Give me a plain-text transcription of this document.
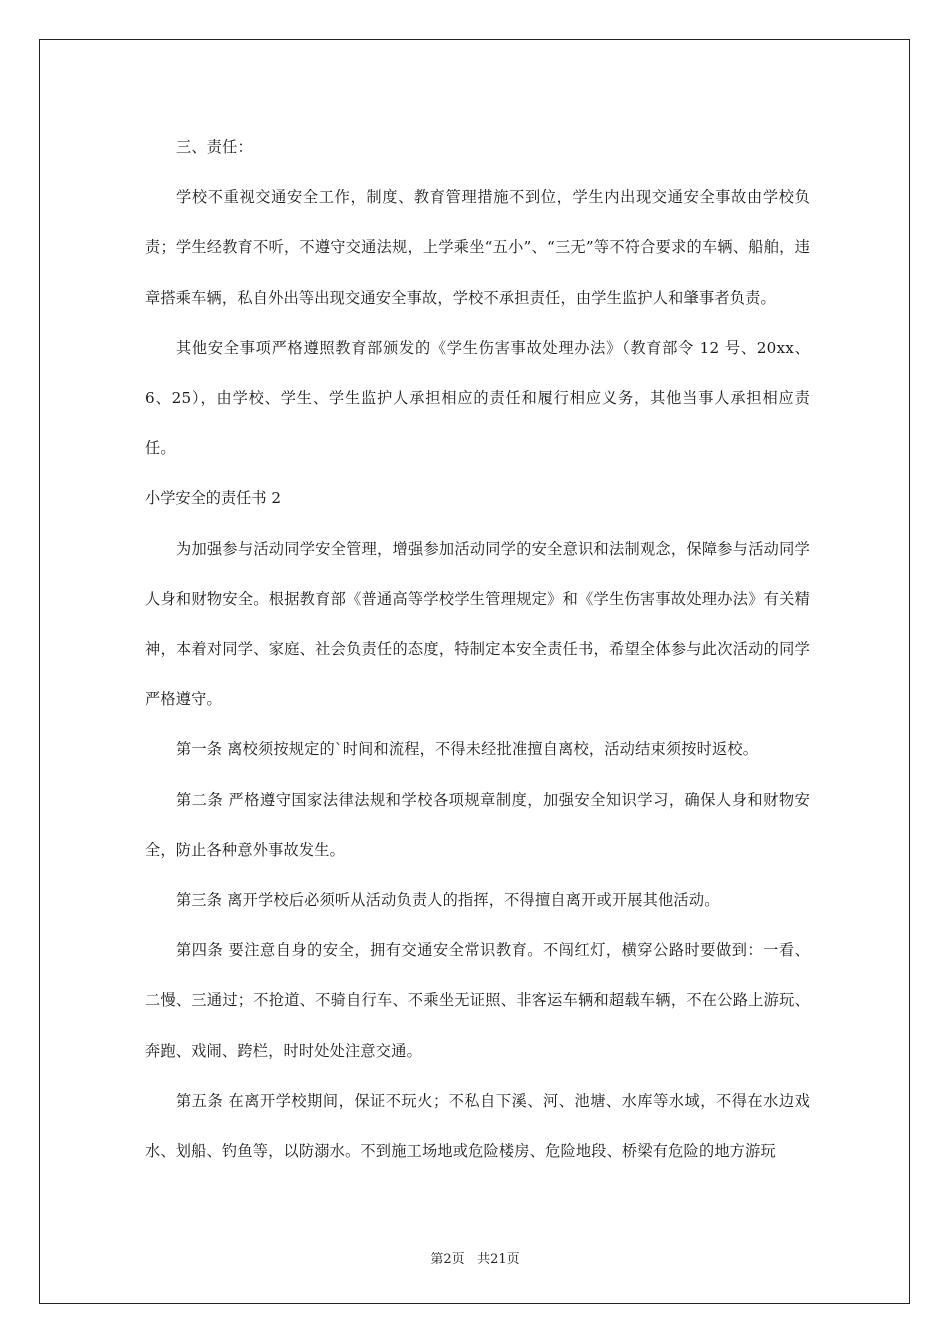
三、责任：

学校不重视交通安全工作，制度、教育管理措施不到位，学生内出现交通安全事故由学校负责；学生经教育不听，不遵守交通法规，上学乘坐“五小”、“三无”等不符合要求的车辆、船舶，违章搭乘车辆，私自外出等出现交通安全事故，学校不承担责任，由学生监护人和肇事者负责。

其他安全事项严格遵照教育部颁发的《学生伤害事故处理办法》（教育部令 12 号、20xx、6、25），由学校、学生、学生监护人承担相应的责任和履行相应义务，其他当事人承担相应责任。

小学安全的责任书 2

为加强参与活动同学安全管理，增强参加活动同学的安全意识和法制观念，保障参与活动同学人身和财物安全。根据教育部《普通高等学校学生管理规定》和《学生伤害事故处理办法》有关精神，本着对同学、家庭、社会负责任的态度，特制定本安全责任书，希望全体参与此次活动的同学严格遵守。

第一条 离校须按规定的`时间和流程，不得未经批准擅自离校，活动结束须按时返校。

第二条 严格遵守国家法律法规和学校各项规章制度，加强安全知识学习，确保人身和财物安全，防止各种意外事故发生。

第三条 离开学校后必须听从活动负责人的指挥，不得擅自离开或开展其他活动。

第四条 要注意自身的安全，拥有交通安全常识教育。不闯红灯，横穿公路时要做到：一看、二慢、三通过；不抢道、不骑自行车、不乘坐无证照、非客运车辆和超载车辆，不在公路上游玩、奔跑、戏闹、跨栏，时时处处注意交通。

第五条 在离开学校期间，保证不玩火；不私自下溪、河、池塘、水库等水域，不得在水边戏水、划船、钓鱼等，以防溺水。不到施工场地或危险楼房、危险地段、桥梁有危险的地方游玩

第2页 共21页
